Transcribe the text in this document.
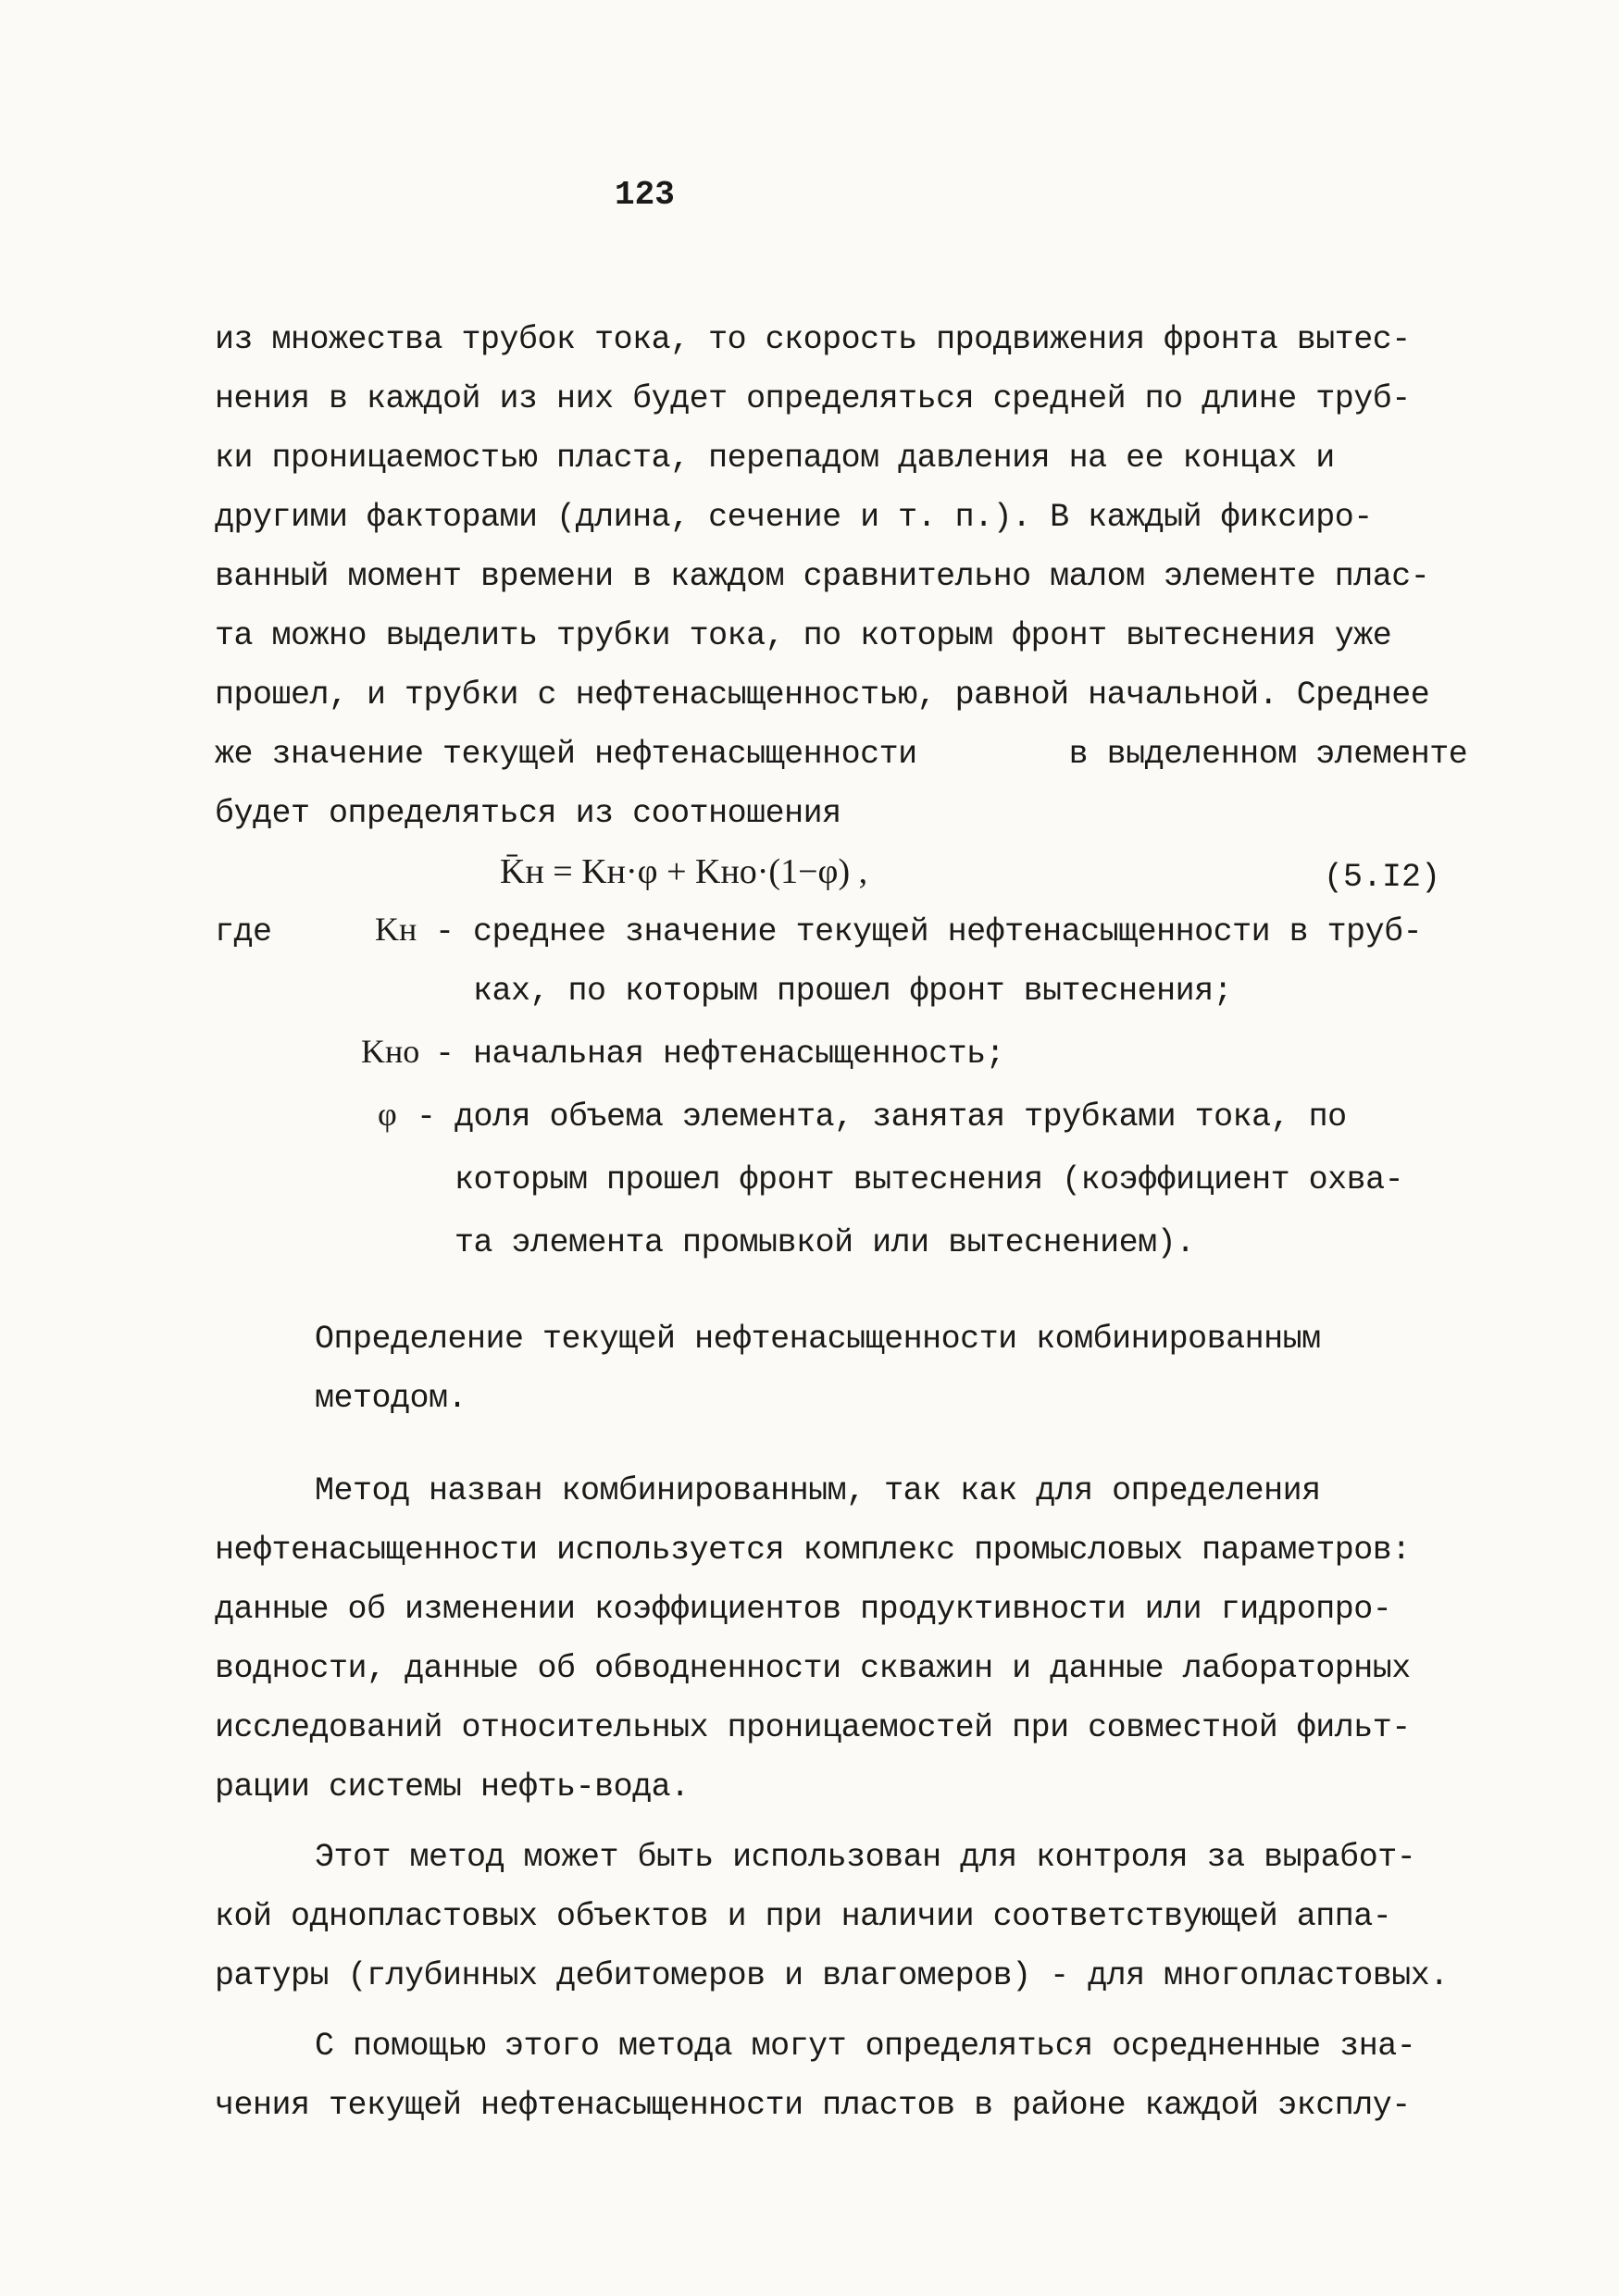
123
из множества трубок тока, то скорость продвижения фронта вытес-
нения в каждой из них будет определяться средней по длине труб-
ки проницаемостью пласта, перепадом давления на ее концах и
другими факторами (длина, сечение и т. п.). В каждый фиксиро-
ванный момент времени в каждом сравнительно малом элементе плас-
та можно выделить трубки тока, по которым фронт вытеснения уже
прошел, и трубки с нефтенасыщенностью, равной начальной. Среднее
же значение текущей нефтенасыщенности        в выделенном элементе
будет определяться из соотношения
K̄н = Kн·φ + Kно·(1−φ) ,	(5.I2)
где	Kн - среднее значение текущей нефтенасыщенности в труб-
ках, по которым прошел фронт вытеснения;
Kно - начальная нефтенасыщенность;
φ - доля объема элемента, занятая трубками тока, по
которым прошел фронт вытеснения (коэффициент охва-
та элемента промывкой или вытеснением).
Определение текущей нефтенасыщенности комбинированным
методом.
Метод назван комбинированным, так как для определения
нефтенасыщенности используется комплекс промысловых параметров:
данные об изменении коэффициентов продуктивности или гидропро-
водности, данные об обводненности скважин и данные лабораторных
исследований относительных проницаемостей при совместной фильт-
рации системы нефть-вода.
Этот метод может быть использован для контроля за выработ-
кой однопластовых объектов и при наличии соответствующей аппа-
ратуры (глубинных дебитомеров и влагомеров) - для многопластовых.
С помощью этого метода могут определяться осредненные зна-
чения текущей нефтенасыщенности пластов в районе каждой эксплу-
